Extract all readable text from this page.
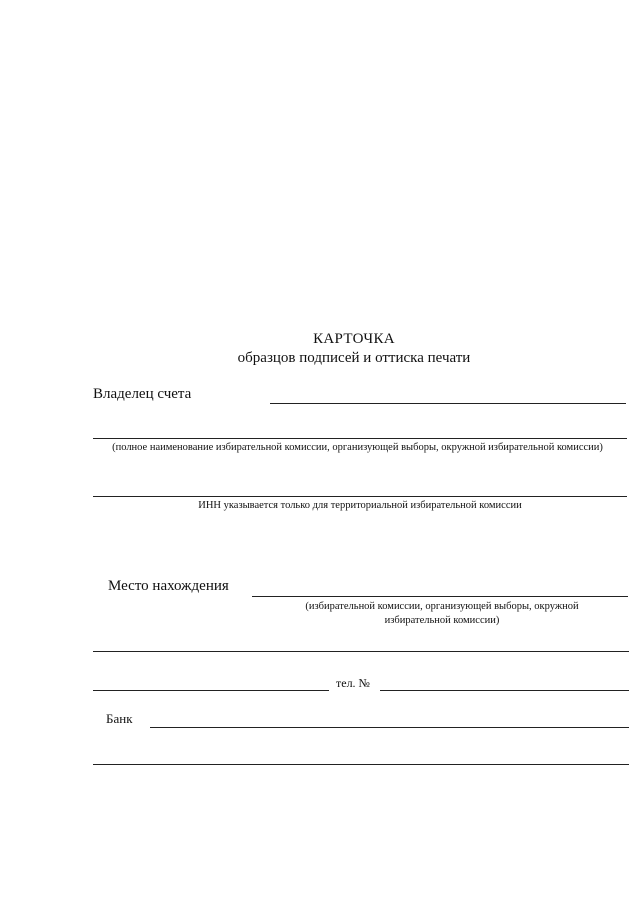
КАРТОЧКА
образцов подписей и оттиска печати
Владелец счета
(полное наименование избирательной комиссии, организующей выборы, окружной избирательной комиссии)
ИНН указывается только для территориальной избирательной комиссии
Место нахождения
(избирательной комиссии, организующей выборы, окружной избирательной комиссии)
тел. №
Банк
